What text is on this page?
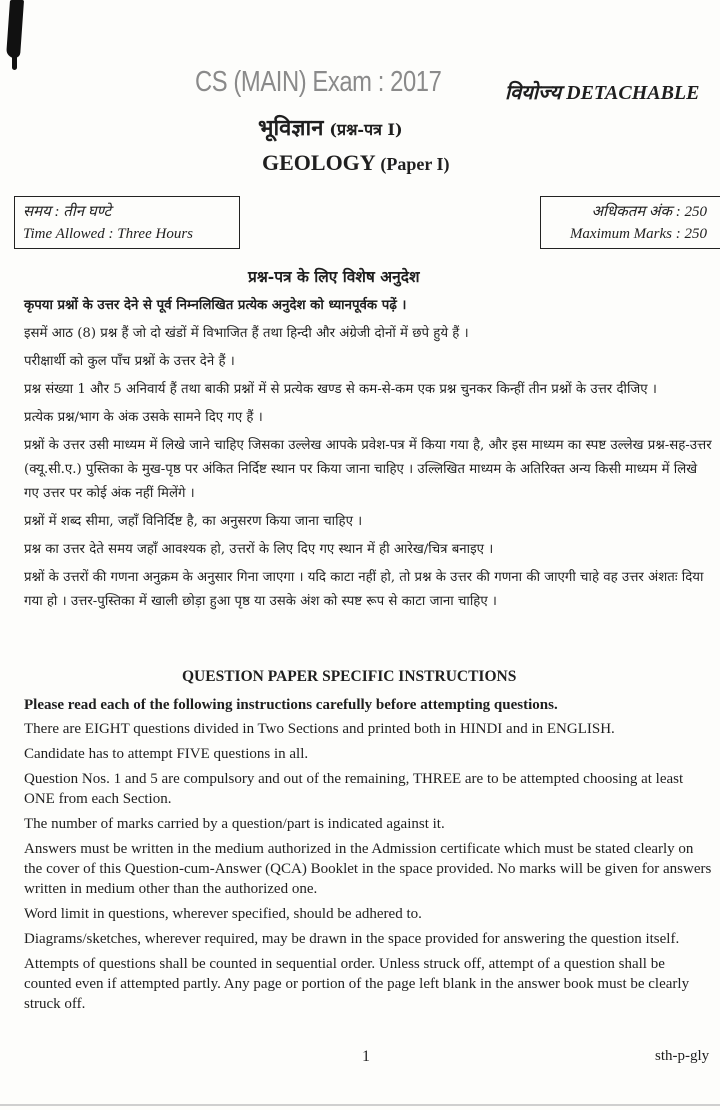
CS (MAIN) Exam : 2017	वियोज्य DETACHABLE
भूविज्ञान (प्रश्न-पत्र I)
GEOLOGY (Paper I)
समय : तीन घण्टे
Time Allowed : Three Hours
अधिकतम अंक : 250
Maximum Marks : 250
प्रश्न-पत्र के लिए विशेष अनुदेश

कृपया प्रश्नों के उत्तर देने से पूर्व निम्नलिखित प्रत्येक अनुदेश को ध्यानपूर्वक पढ़ें ।

इसमें आठ (8) प्रश्न हैं जो दो खंडों में विभाजित हैं तथा हिन्दी और अंग्रेजी दोनों में छपे हुये हैं ।

परीक्षार्थी को कुल पाँच प्रश्नों के उत्तर देने हैं ।

प्रश्न संख्या 1 और 5 अनिवार्य हैं तथा बाकी प्रश्नों में से प्रत्येक खण्ड से कम-से-कम एक प्रश्न चुनकर किन्हीं तीन प्रश्नों के उत्तर दीजिए ।

प्रत्येक प्रश्न/भाग के अंक उसके सामने दिए गए हैं ।

प्रश्नों के उत्तर उसी माध्यम में लिखे जाने चाहिए जिसका उल्लेख आपके प्रवेश-पत्र में किया गया है, और इस माध्यम का स्पष्ट उल्लेख प्रश्न-सह-उत्तर (क्यू.सी.ए.) पुस्तिका के मुख-पृष्ठ पर अंकित निर्दिष्ट स्थान पर किया जाना चाहिए । उल्लिखित माध्यम के अतिरिक्त अन्य किसी माध्यम में लिखे गए उत्तर पर कोई अंक नहीं मिलेंगे ।

प्रश्नों में शब्द सीमा, जहाँ विनिर्दिष्ट है, का अनुसरण किया जाना चाहिए ।

प्रश्न का उत्तर देते समय जहाँ आवश्यक हो, उत्तरों के लिए दिए गए स्थान में ही आरेख/चित्र बनाइए ।

प्रश्नों के उत्तरों की गणना अनुक्रम के अनुसार गिना जाएगा । यदि काटा नहीं हो, तो प्रश्न के उत्तर की गणना की जाएगी चाहे वह उत्तर अंशतः दिया गया हो । उत्तर-पुस्तिका में खाली छोड़ा हुआ पृष्ठ या उसके अंश को स्पष्ट रूप से काटा जाना चाहिए ।

QUESTION PAPER SPECIFIC INSTRUCTIONS

Please read each of the following instructions carefully before attempting questions.

There are EIGHT questions divided in Two Sections and printed both in HINDI and in ENGLISH.

Candidate has to attempt FIVE questions in all.

Question Nos. 1 and 5 are compulsory and out of the remaining, THREE are to be attempted choosing at least ONE from each Section.

The number of marks carried by a question/part is indicated against it.

Answers must be written in the medium authorized in the Admission certificate which must be stated clearly on the cover of this Question-cum-Answer (QCA) Booklet in the space provided. No marks will be given for answers written in medium other than the authorized one.

Word limit in questions, wherever specified, should be adhered to.

Diagrams/sketches, wherever required, may be drawn in the space provided for answering the question itself.

Attempts of questions shall be counted in sequential order. Unless struck off, attempt of a question shall be counted even if attempted partly. Any page or portion of the page left blank in the answer book must be clearly struck off.

1	sth-p-gly
